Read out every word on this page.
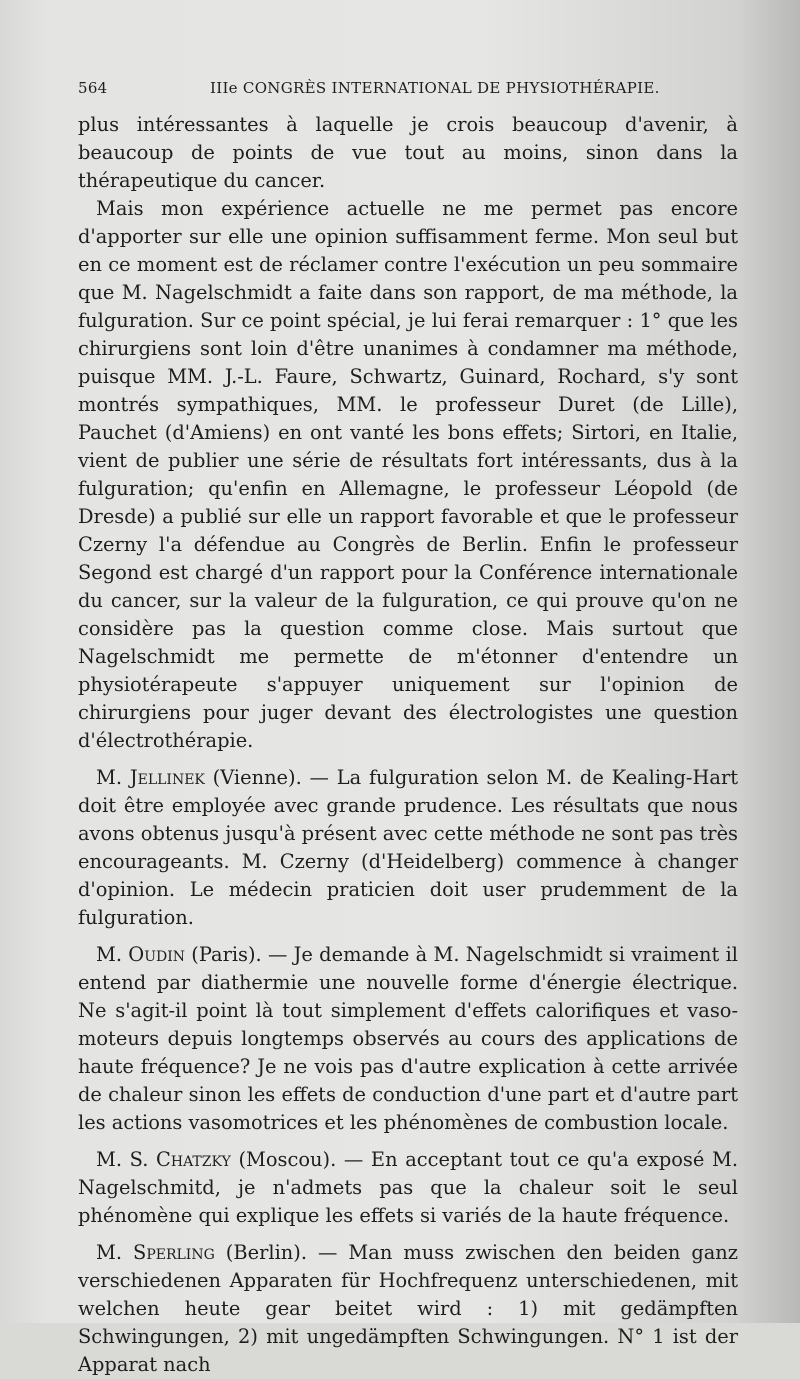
564	IIIe CONGRÈS INTERNATIONAL DE PHYSIOTHÉRAPIE.

plus intéressantes à laquelle je crois beaucoup d'avenir, à beaucoup de points de vue tout au moins, sinon dans la thérapeutique du cancer.

Mais mon expérience actuelle ne me permet pas encore d'apporter sur elle une opinion suffisamment ferme. Mon seul but en ce moment est de réclamer contre l'exécution un peu sommaire que M. Nagelschmidt a faite dans son rapport, de ma méthode, la fulguration. Sur ce point spécial, je lui ferai remarquer : 1° que les chirurgiens sont loin d'être unanimes à condamner ma méthode, puisque MM. J.-L. Faure, Schwartz, Guinard, Rochard, s'y sont montrés sympathiques, MM. le professeur Duret (de Lille), Pauchet (d'Amiens) en ont vanté les bons effets; Sirtori, en Italie, vient de publier une série de résultats fort intéressants, dus à la fulguration; qu'enfin en Allemagne, le professeur Léopold (de Dresde) a publié sur elle un rapport favorable et que le professeur Czerny l'a défendue au Congrès de Berlin. Enfin le professeur Segond est chargé d'un rapport pour la Conférence internationale du cancer, sur la valeur de la fulguration, ce qui prouve qu'on ne considère pas la question comme close. Mais surtout que Nagelschmidt me permette de m'étonner d'entendre un physiotérapeute s'appuyer uniquement sur l'opinion de chirurgiens pour juger devant des électrologistes une question d'électrothérapie.

M. Jellinek (Vienne). — La fulguration selon M. de Kealing-Hart doit être employée avec grande prudence. Les résultats que nous avons obtenus jusqu'à présent avec cette méthode ne sont pas très encourageants. M. Czerny (d'Heidelberg) commence à changer d'opinion. Le médecin praticien doit user prudemment de la fulguration.

M. Oudin (Paris). — Je demande à M. Nagelschmidt si vraiment il entend par diathermie une nouvelle forme d'énergie électrique. Ne s'agit-il point là tout simplement d'effets calorifiques et vaso-moteurs depuis longtemps observés au cours des applications de haute fréquence? Je ne vois pas d'autre explication à cette arrivée de chaleur sinon les effets de conduction d'une part et d'autre part les actions vasomotrices et les phénomènes de combustion locale.

M. S. Chatzky (Moscou). — En acceptant tout ce qu'a exposé M. Nagelschmitd, je n'admets pas que la chaleur soit le seul phénomène qui explique les effets si variés de la haute fréquence.

M. Sperling (Berlin). — Man muss zwischen den beiden ganz verschiedenen Apparaten für Hochfrequenz unterschiedenen, mit welchen heute gear beitet wird : 1) mit gedämpften Schwingungen, 2) mit ungedämpften Schwingungen. N° 1 ist der Apparat nach
